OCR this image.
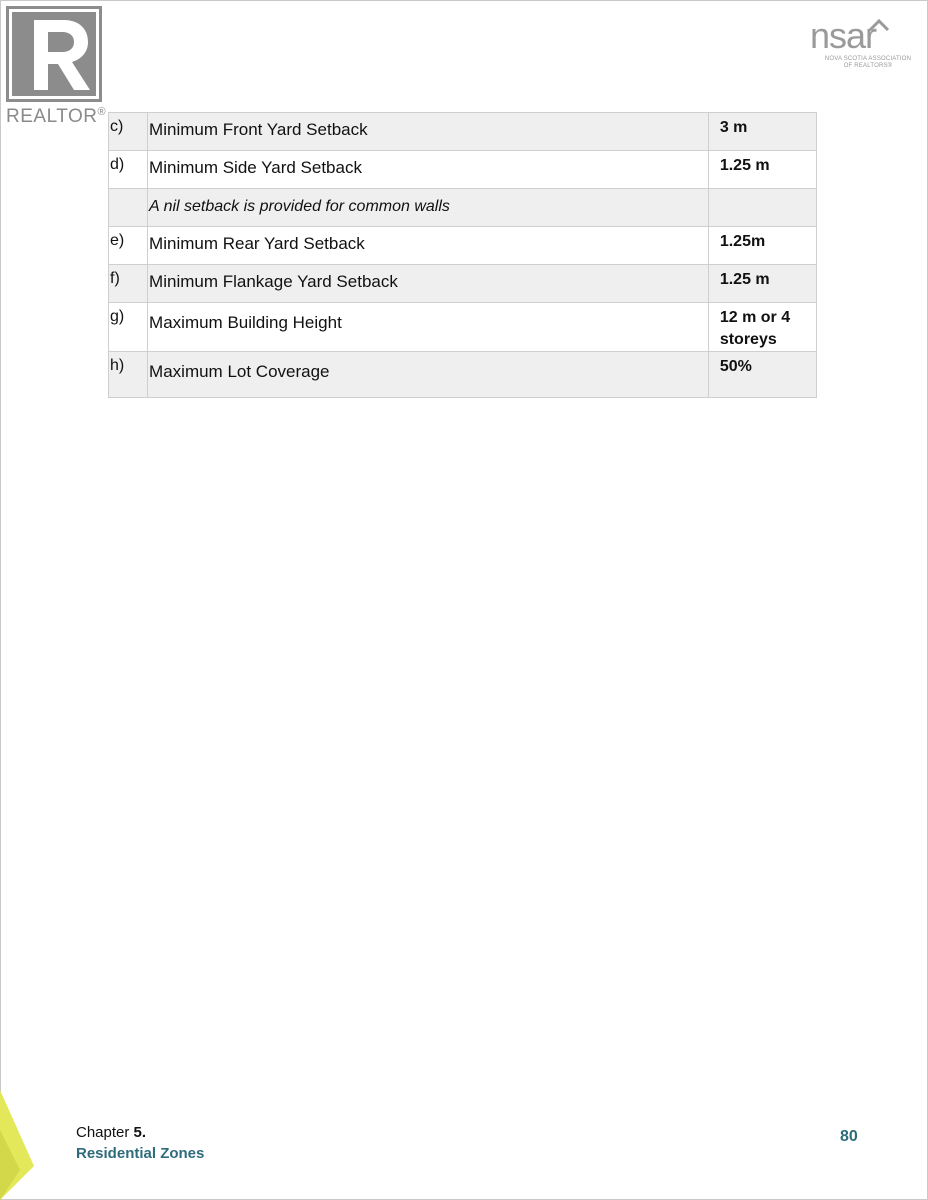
REALTOR®
nsar
NOVA SCOTIA ASSOCIATION
OF REALTORS®
c)	Minimum Front Yard Setback	3 m
d)	Minimum Side Yard Setback	1.25 m
	A nil setback is provided for common walls	
e)	Minimum Rear Yard Setback	1.25m
f)	Minimum Flankage Yard Setback	1.25 m
g)	Maximum Building Height	12 m or 4
storeys

h)	Maximum Lot Coverage	50%
Chapter 5.
Residential Zones
80
